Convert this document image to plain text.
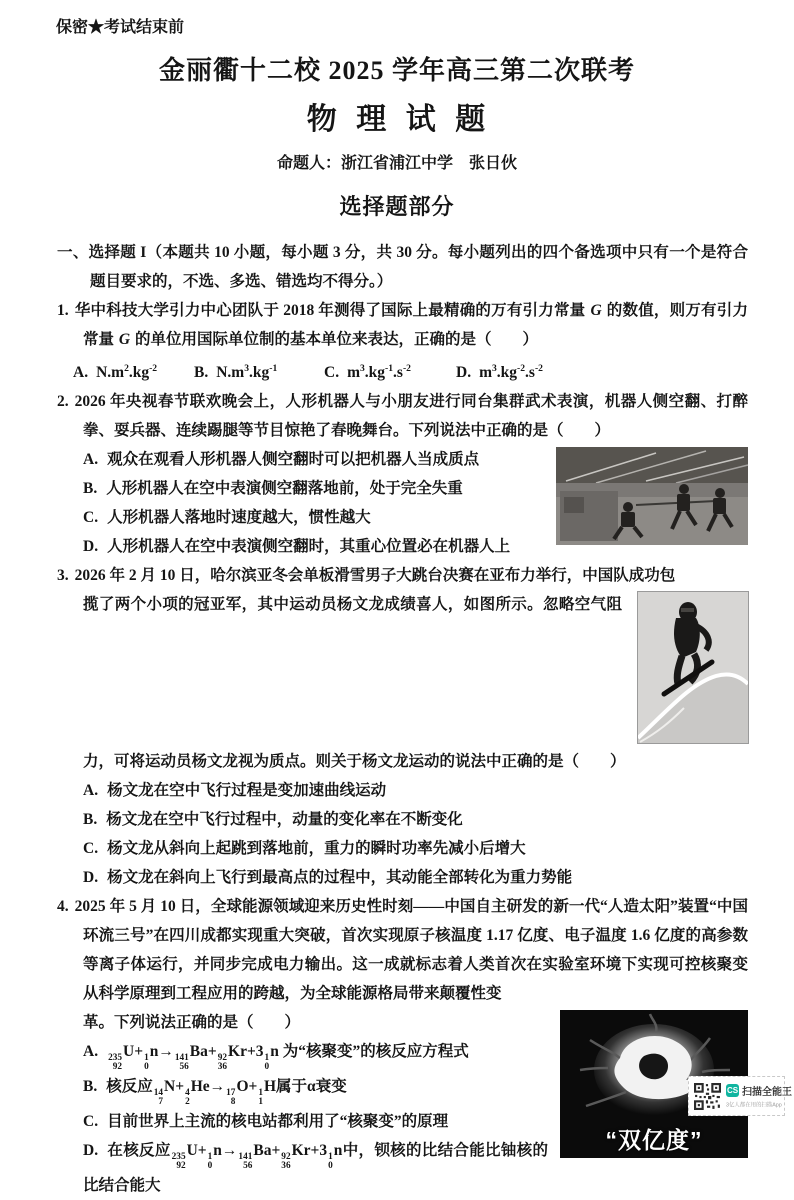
保密★考试结束前
金丽衢十二校 2025 学年高三第二次联考
物 理 试 题
命题人：浙江省浦江中学　张日伙
选择题部分
一、选择题 I（本题共 10 小题，每小题 3 分，共 30 分。每小题列出的四个备选项中只有一个是符合题目要求的，不选、多选、错选均不得分。）
1. 华中科技大学引力中心团队于 2018 年测得了国际上最精确的万有引力常量 G 的数值，则万有引力常量 G 的单位用国际单位制的基本单位来表达，正确的是（　　）
A. $N.m^2.kg^{-2}$	B. $N.m^3.kg^{-1}$	C. $m^3.kg^{-1}.s^{-2}$	D. $m^3.kg^{-2}.s^{-2}$
2. 2026 年央视春节联欢晚会上，人形机器人与小朋友进行同台集群武术表演，机器人侧空翻、打醉拳、耍兵器、连续踢腿等节目惊艳了春晚舞台。下列说法中正确的是（　　）
A. 观众在观看人形机器人侧空翻时可以把机器人当成质点
B. 人形机器人在空中表演侧空翻落地前，处于完全失重
C. 人形机器人落地时速度越大，惯性越大
D. 人形机器人在空中表演侧空翻时，其重心位置必在机器人上
3. 2026 年 2 月 10 日，哈尔滨亚冬会单板滑雪男子大跳台决赛在亚布力举行，中国队成功包
揽了两个小项的冠亚军，其中运动员杨文龙成绩喜人，如图所示。忽略空气阻力，可将运动员杨文龙视为质点。则关于杨文龙运动的说法中正确的是（　　）
A. 杨文龙在空中飞行过程是变加速曲线运动
B. 杨文龙在空中飞行过程中，动量的变化率在不断变化
C. 杨文龙从斜向上起跳到落地前，重力的瞬时功率先减小后增大
D. 杨文龙在斜向上飞行到最高点的过程中，其动能全部转化为重力势能
4. 2025 年 5 月 10 日，全球能源领域迎来历史性时刻——中国自主研发的新一代“人造太阳”装置“中国环流三号”在四川成都实现重大突破，首次实现原子核温度 1.17 亿度、电子温度 1.6 亿度的高参数等离子体运行，并同步完成电力输出。这一成就标志着人类首次在实验室环境下实现可控核聚变从科学原理到工程应用的跨越，为全球能源格局带来颠覆性变
“双亿度”
革。下列说法正确的是（　　）
A. 235
92
U+ 1
0
n→ 141
56
Ba+ 92
36
Kr+3 1
0
n 为“核聚变”的核反应方程式
B. 核反应 14
7
N+ 4
2
He→ 17
8
O+ 1
1
H属于α衰变
C. 目前世界上主流的核电站都利用了“核聚变”的原理
D. 在核反应 235
92
U+ 1
0
n→ 141
56
Ba+ 92
36
Kr+3 1
0
n中，钡核的比结合能比铀核的比结合能大
CS 扫描全能王
3亿人都在用的扫描App
